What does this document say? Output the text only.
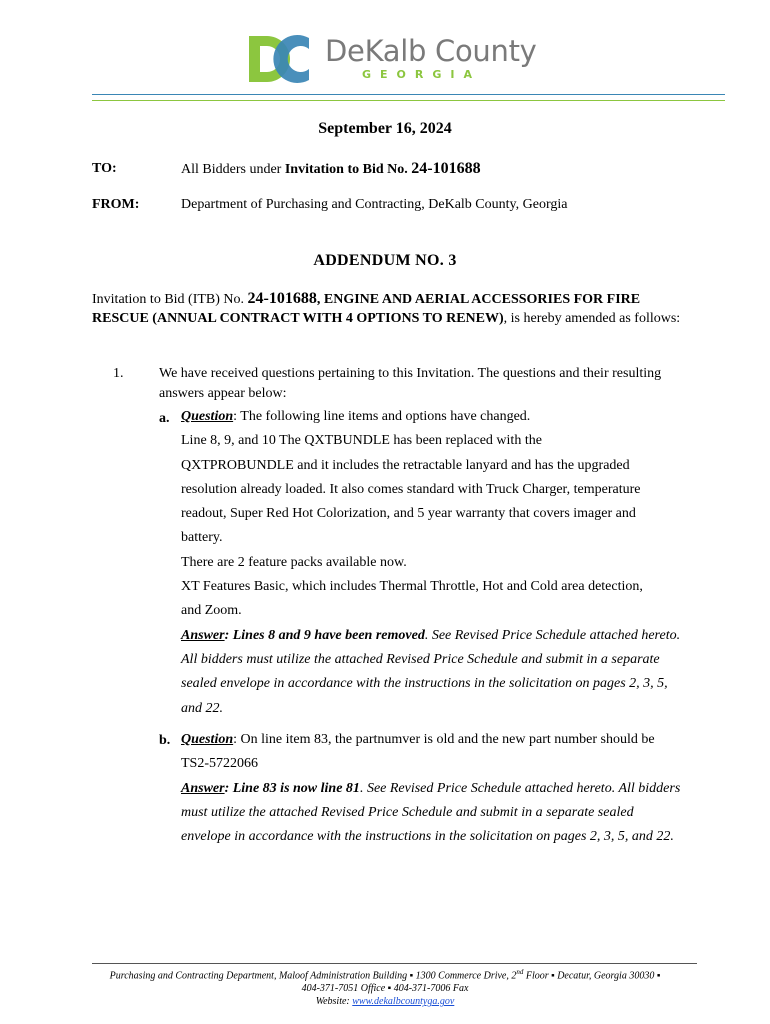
DeKalb County
GEORGIA
September 16, 2024
TO:	All Bidders under Invitation to Bid No. 24-101688
FROM:	Department of Purchasing and Contracting, DeKalb County, Georgia
ADDENDUM NO. 3
Invitation to Bid (ITB) No. 24-101688, ENGINE AND AERIAL ACCESSORIES FOR FIRE RESCUE (ANNUAL CONTRACT WITH 4 OPTIONS TO RENEW), is hereby amended as follows:
1.	We have received questions pertaining to this Invitation. The questions and their resulting answers appear below:
a. Question: The following line items and options have changed.
Line 8, 9, and 10 The QXTBUNDLE has been replaced with the
QXTPROBUNDLE and it includes the retractable lanyard and has the upgraded
resolution already loaded. It also comes standard with Truck Charger, temperature
readout, Super Red Hot Colorization, and 5 year warranty that covers imager and
battery.
There are 2 feature packs available now.
XT Features Basic, which includes Thermal Throttle, Hot and Cold area detection,
and Zoom.
Answer: Lines 8 and 9 have been removed. See Revised Price Schedule attached hereto. All bidders must utilize the attached Revised Price Schedule and submit in a separate sealed envelope in accordance with the instructions in the solicitation on pages 2, 3, 5, and 22.
b. Question: On line item 83, the partnumver is old and the new part number should be TS2-5722066
Answer: Line 83 is now line 81. See Revised Price Schedule attached hereto. All bidders must utilize the attached Revised Price Schedule and submit in a separate sealed envelope in accordance with the instructions in the solicitation on pages 2, 3, 5, and 22.
Purchasing and Contracting Department, Maloof Administration Building ▪ 1300 Commerce Drive, 2nd Floor ▪ Decatur, Georgia 30030 ▪
404-371-7051 Office ▪ 404-371-7006 Fax
Website: www.dekalbcountyga.gov
